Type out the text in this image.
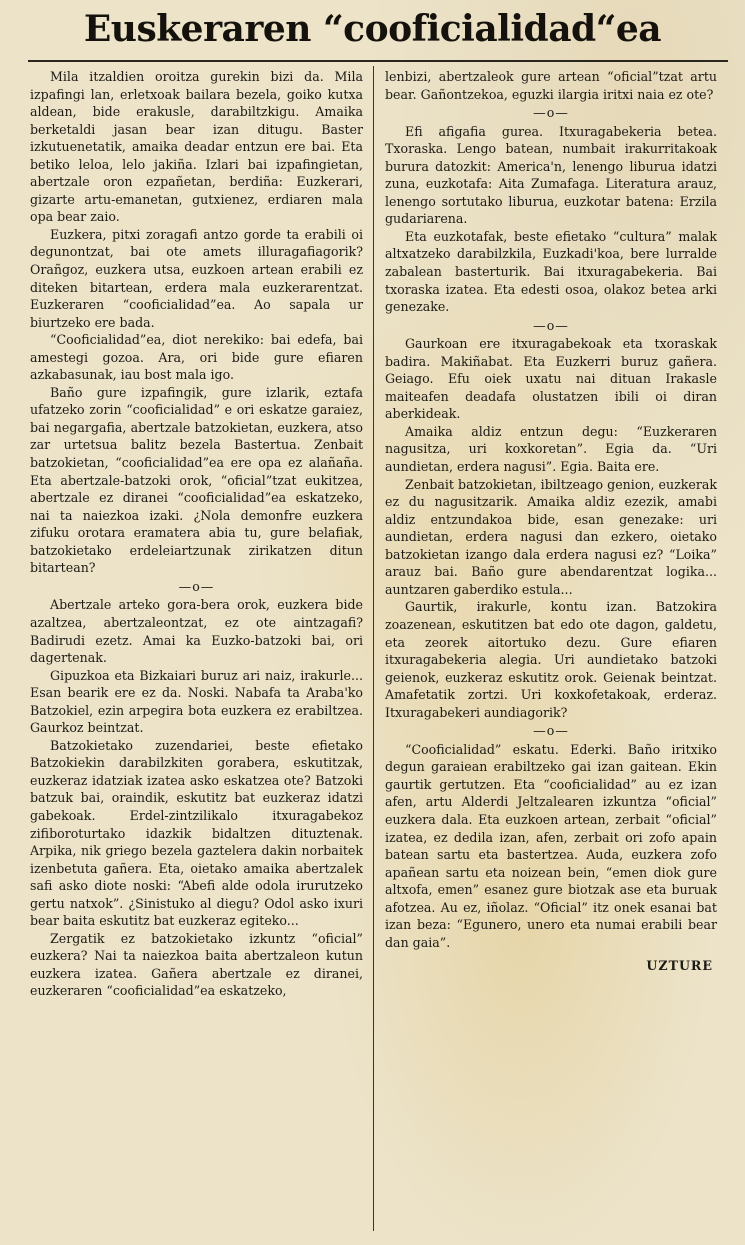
Euskeraren “cooficialidad“ea

Mila itzaldien oroitza gurekin bizi da. Mila izpafingi lan, erletxoak bailara bezela, goiko kutxa aldean, bide erakusle, darabiltzkigu. Amaika berketaldi jasan bear izan ditugu. Baster izkutuenetatik, amaika deadar entzun ere bai. Eta betiko leloa, lelo jakiña. Izlari bai izpafingietan, abertzale oron ezpañetan, berdiña: Euzkerari, gizarte artu-emanetan, gutxienez, erdiaren mala opa bear zaio.

Euzkera, pitxi zoragafi antzo gorde ta erabili oi degunontzat, bai ote amets illuragafiagorik? Orañgoz, euzkera utsa, euzkoen artean erabili ez diteken bitartean, erdera mala euzkerarentzat. Euzkeraren “cooficialidad”ea. Ao sapala ur biurtzeko ere bada.

“Cooficialidad”ea, diot nerekiko: bai edefa, bai amestegi gozoa. Ara, ori bide gure efiaren azkabasunak, iau bost mala igo.

Baño gure izpafingik, gure izlarik, eztafa ufatzeko zorin “cooficialidad” e ori eskatze garaiez, bai negargafia, abertzale batzokietan, euzkera, atso zar urtetsua balitz bezela Bastertua. Zenbait batzokietan, “cooficialidad”ea ere opa ez alañaña. Eta abertzale-batzoki orok, “oficial”tzat eukitzea, abertzale ez diranei “cooficialidad”ea eskatzeko, nai ta naiezkoa izaki. ¿Nola demonfre euzkera zifuku orotara eramatera abia tu, gure belafiak, batzokietako erdeleiartzunak zirikatzen ditun bitartean?

—o—

Abertzale arteko gora-bera orok, euzkera bide azaltzea, abertzaleontzat, ez ote aintzagafi? Badirudi ezetz. Amai ka Euzko-batzoki bai, ori dagertenak.

Gipuzkoa eta Bizkaiari buruz ari naiz, irakurle... Esan bearik ere ez da. Noski. Nabafa ta Araba'ko Batzokiel, ezin arpegira bota euzkera ez erabiltzea. Gaurkoz beintzat.

Batzokietako zuzendariei, beste efietako Batzokiekin darabilzkiten gorabera, eskutitzak, euzkeraz idatziak izatea asko eskatzea ote? Batzoki batzuk bai, oraindik, eskutitz bat euzkeraz idatzi gabekoak. Erdel-zintzilikalo itxuragabekoz zifiboroturtako idazkik bidaltzen dituztenak. Arpika, nik griego bezela gaztelera dakin norbaitek izenbetuta gañera. Eta, oietako amaika abertzalek safi asko diote noski: “Abefi alde odola irurutzeko gertu natxok”. ¿Sinistuko al diegu? Odol asko ixuri bear baita eskutitz bat euzkeraz egiteko...

Zergatik ez batzokietako izkuntz “oficial” euzkera? Nai ta naiezkoa baita abertzaleon kutun euzkera izatea. Gañera abertzale ez diranei, euzkeraren “cooficialidad”ea eskatzeko,

lenbizi, abertzaleok gure artean “oficial”tzat artu bear. Gañontzekoa, eguzki ilargia iritxi naia ez ote?

—o—

Efi afigafia gurea. Itxuragabekeria betea. Txoraska. Lengo batean, numbait irakurritakoak burura datozkit: America'n, lenengo liburua idatzi zuna, euzkotafa: Aita Zumafaga. Literatura arauz, lenengo sortutako liburua, euzkotar batena: Erzila gudariarena.

Eta euzkotafak, beste efietako “cultura” malak altxatzeko darabilzkila, Euzkadi'koa, bere lurralde zabalean basterturik. Bai itxuragabekeria. Bai txoraska izatea. Eta edesti osoa, olakoz betea arki genezake.

—o—

Gaurkoan ere itxuragabekoak eta txoraskak badira. Makiñabat. Eta Euzkerri buruz gañera. Geiago. Efu oiek uxatu nai dituan Irakasle maiteafen deadafa olustatzen ibili oi diran aberkideak.

Amaika aldiz entzun degu: “Euzkeraren nagusitza, uri koxkoretan”. Egia da. “Uri aundietan, erdera nagusi”. Egia. Baita ere.

Zenbait batzokietan, ibiltzeago genion, euzkerak ez du nagusitzarik. Amaika aldiz ezezik, amabi aldiz entzundakoa bide, esan genezake: uri aundietan, erdera nagusi dan ezkero, oietako batzokietan izango dala erdera nagusi ez? “Loika” arauz bai. Baño gure abendarentzat logika... auntzaren gaberdiko estula...

Gaurtik, irakurle, kontu izan. Batzokira zoazenean, eskutitzen bat edo ote dagon, galdetu, eta zeorek aitortuko dezu. Gure efiaren itxuragabekeria alegia. Uri aundietako batzoki geienok, euzkeraz eskutitz orok. Geienak beintzat. Amafetatik zortzi. Uri koxkofetakoak, erderaz. Itxuragabekeri aundiagorik?

—o—

“Cooficialidad” eskatu. Ederki. Baño iritxiko degun garaiean erabiltzeko gai izan gaitean. Ekin gaurtik gertutzen. Eta “cooficialidad” au ez izan afen, artu Alderdi Jeltzalearen izkuntza “oficial” euzkera dala. Eta euzkoen artean, zerbait “oficial” izatea, ez dedila izan, afen, zerbait ori zofo apain batean sartu eta bastertzea. Auda, euzkera zofo apañean sartu eta noizean bein, “emen diok gure altxofa, emen” esanez gure biotzak ase eta buruak afotzea. Au ez, iñolaz. “Oficial” itz onek esanai bat izan beza: “Egunero, unero eta numai erabili bear dan gaia”.

UZTURE
